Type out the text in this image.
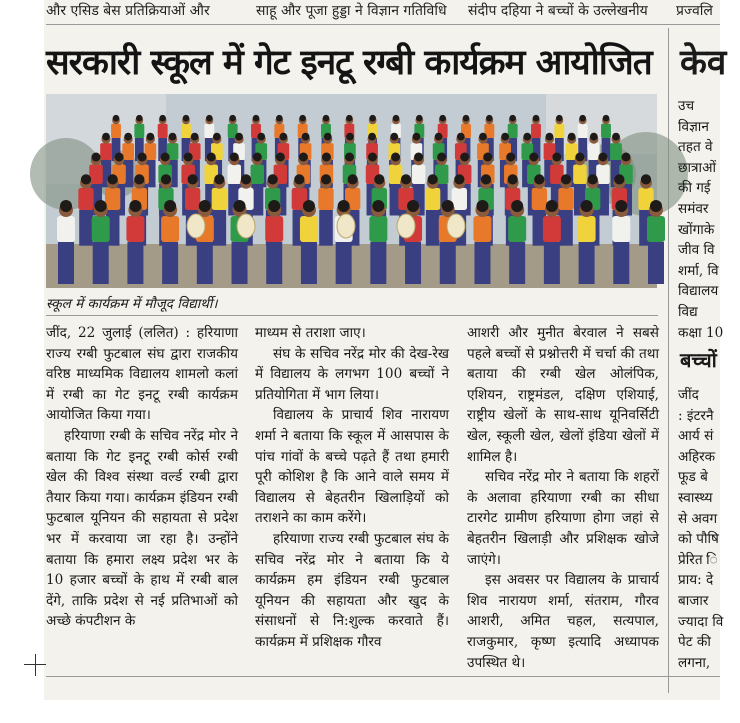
और एसिड बेस प्रतिक्रियाओं और	साहू और पूजा हुड्डा ने विज्ञान गतिविधि	संदीप दहिया ने बच्चों के उल्लेखनीय	प्रज्वलि
सरकारी स्कूल में गेट इनटू रग्बी कार्यक्रम आयोजित केव
स्कूल में कार्यक्रम में मौजूद विद्यार्थी।

जींद, 22 जुलाई (ललित) : हरियाणा राज्य रग्बी फुटबाल संघ द्वारा राजकीय वरिष्ठ माध्यमिक विद्यालय शामलो कलां में रग्बी का गेट इनटू रग्बी कार्यक्रम आयोजित किया गया।

हरियाणा रग्बी के सचिव नरेंद्र मोर ने बताया कि गेट इनटू रग्बी कोर्स रग्बी खेल की विश्व संस्था वर्ल्ड रग्बी द्वारा तैयार किया गया। कार्यक्रम इंडियन रग्बी फुटबाल यूनियन की सहायता से प्रदेश भर में करवाया जा रहा है। उन्होंने बताया कि हमारा लक्ष्य प्रदेश भर के 10 हजार बच्चों के हाथ में रग्बी बाल देंगे, ताकि प्रदेश से नई प्रतिभाओं को अच्छे कंपटीशन के

माध्यम से तराशा जाए।

संघ के सचिव नरेंद्र मोर की देख-रेख में विद्यालय के लगभग 100 बच्चों ने प्रतियोगिता में भाग लिया।

विद्यालय के प्राचार्य शिव नारायण शर्मा ने बताया कि स्कूल में आसपास के पांच गांवों के बच्चे पढ़ते हैं तथा हमारी पूरी कोशिश है कि आने वाले समय में विद्यालय से बेहतरीन खिलाड़ियों को तराशने का काम करेंगे।

हरियाणा राज्य रग्बी फुटबाल संघ के सचिव नरेंद्र मोर ने बताया कि ये कार्यक्रम हम इंडियन रग्बी फुटबाल यूनियन की सहायता और खुद के संसाधनों से नि:शुल्क करवाते हैं। कार्यक्रम में प्रशिक्षक गौरव

आशरी और मुनीत बेरवाल ने सबसे पहले बच्चों से प्रश्नोत्तरी में चर्चा की तथा बताया की रग्बी खेल ओलंपिक, एशियन, राष्ट्रमंडल, दक्षिण एशियाई, राष्ट्रीय खेलों के साथ-साथ यूनिवर्सिटी खेल, स्कूली खेल, खेलों इंडिया खेलों में शामिल है।

सचिव नरेंद्र मोर ने बताया कि शहरों के अलावा हरियाणा रग्बी का सीधा टारगेट ग्रामीण हरियाणा होगा जहां से बेहतरीन खिलाड़ी और प्रशिक्षक खोजे जाएंगे।

इस अवसर पर विद्यालय के प्राचार्य शिव नारायण शर्मा, संतराम, गौरव आशरी, अमित चहल, सत्यपाल, राजकुमार, कृष्ण इत्यादि अध्यापक उपस्थित थे।

उच
विज्ञान
तहत वे
छात्राओं
की गई
समंवर
खोंगाके
जीव वि
शर्मा, वि
विद्यालय
विद्य
कक्षा 10
बच्चों
जींद
: इंटरनै
आर्य सं
अहिरक
फूड बे
स्वास्थ्य
से अवग
को पौषि
प्रेरित ि
प्राय: दे
बाजार
ज्यादा वि
पेट की
लगना,
